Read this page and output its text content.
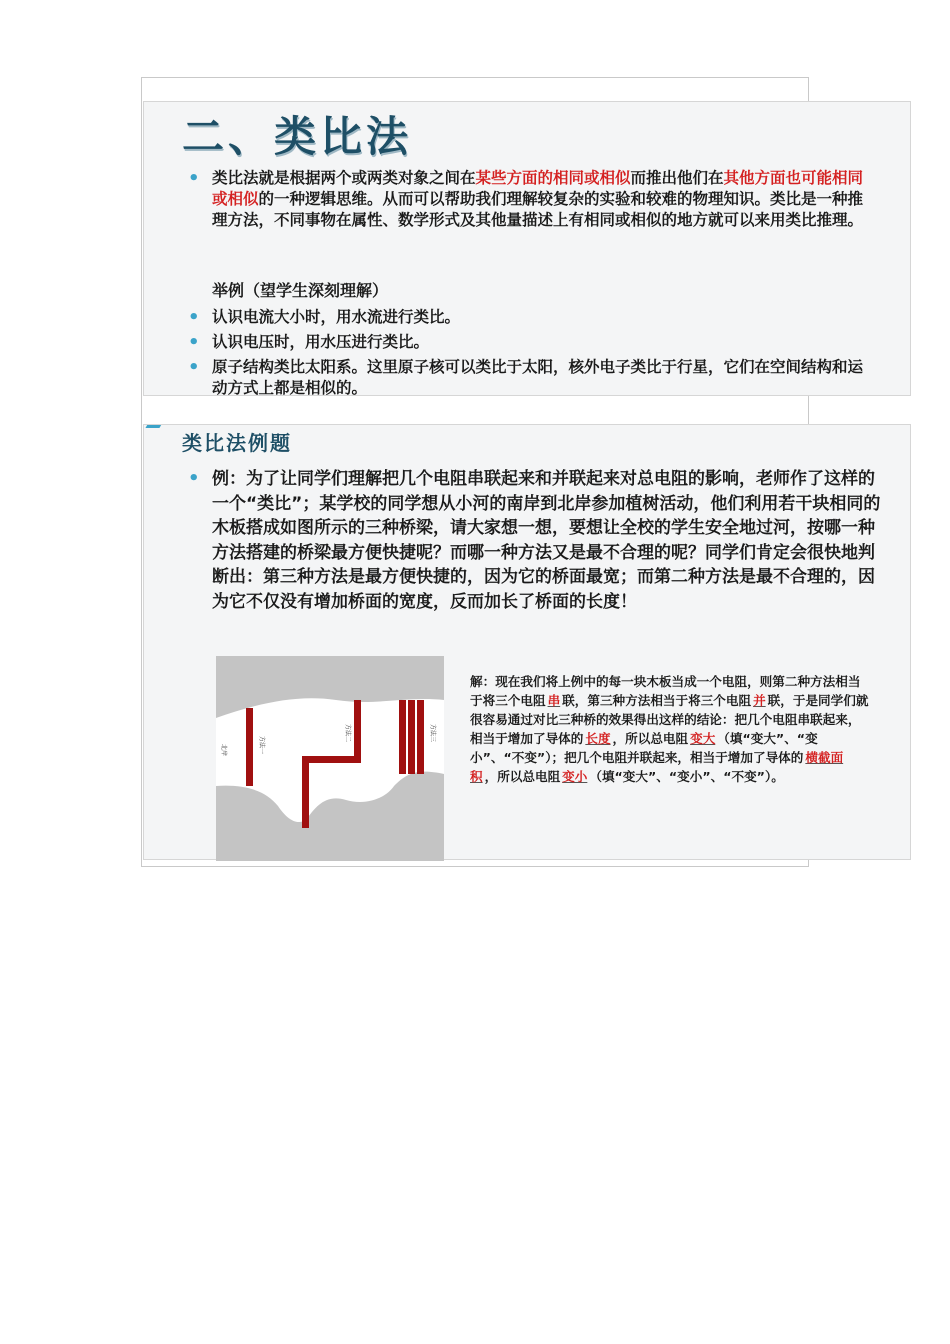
二、类比法
• 类比法就是根据两个或两类对象之间在某些方面的相同或相似而推出他们在其他方面也可能相同或相似的一种逻辑思维。从而可以帮助我们理解较复杂的实验和较难的物理知识。类比是一种推理方法，不同事物在属性、数学形式及其他量描述上有相同或相似的地方就可以来用类比推理。
举例（望学生深刻理解）
• 认识电流大小时，用水流进行类比。
• 认识电压时，用水压进行类比。
• 原子结构类比太阳系。这里原子核可以类比于太阳，核外电子类比于行星，它们在空间结构和运动方式上都是相似的。
类比法例题
• 例：为了让同学们理解把几个电阻串联起来和并联起来对总电阻的影响，老师作了这样的一个“类比”；某学校的同学想从小河的南岸到北岸参加植树活动，他们利用若干块相同的木板搭成如图所示的三种桥梁，请大家想一想，要想让全校的学生安全地过河，按哪一种方法搭建的桥梁最方便快捷呢？而哪一种方法又是最不合理的呢？同学们肯定会很快地判断出：第三种方法是最方便快捷的，因为它的桥面最宽；而第二种方法是最不合理的，因为它不仅没有增加桥面的宽度，反而加长了桥面的长度！
北岸	方法一
方法二	方法三
解：现在我们将上例中的每一块木板当成一个电阻，则第二种方法相当于将三个电阻 串 联，第三种方法相当于将三个电阻 并 联，于是同学们就很容易通过对比三种桥的效果得出这样的结论：把几个电阻串联起来，相当于增加了导体的 长度 ，所以总电阻 变大 （填“变大”、“变小”、“不变”）；把几个电阻并联起来，相当于增加了导体的 横截面积 ，所以总电阻 变小 （填“变大”、“变小”、“不变”）。
